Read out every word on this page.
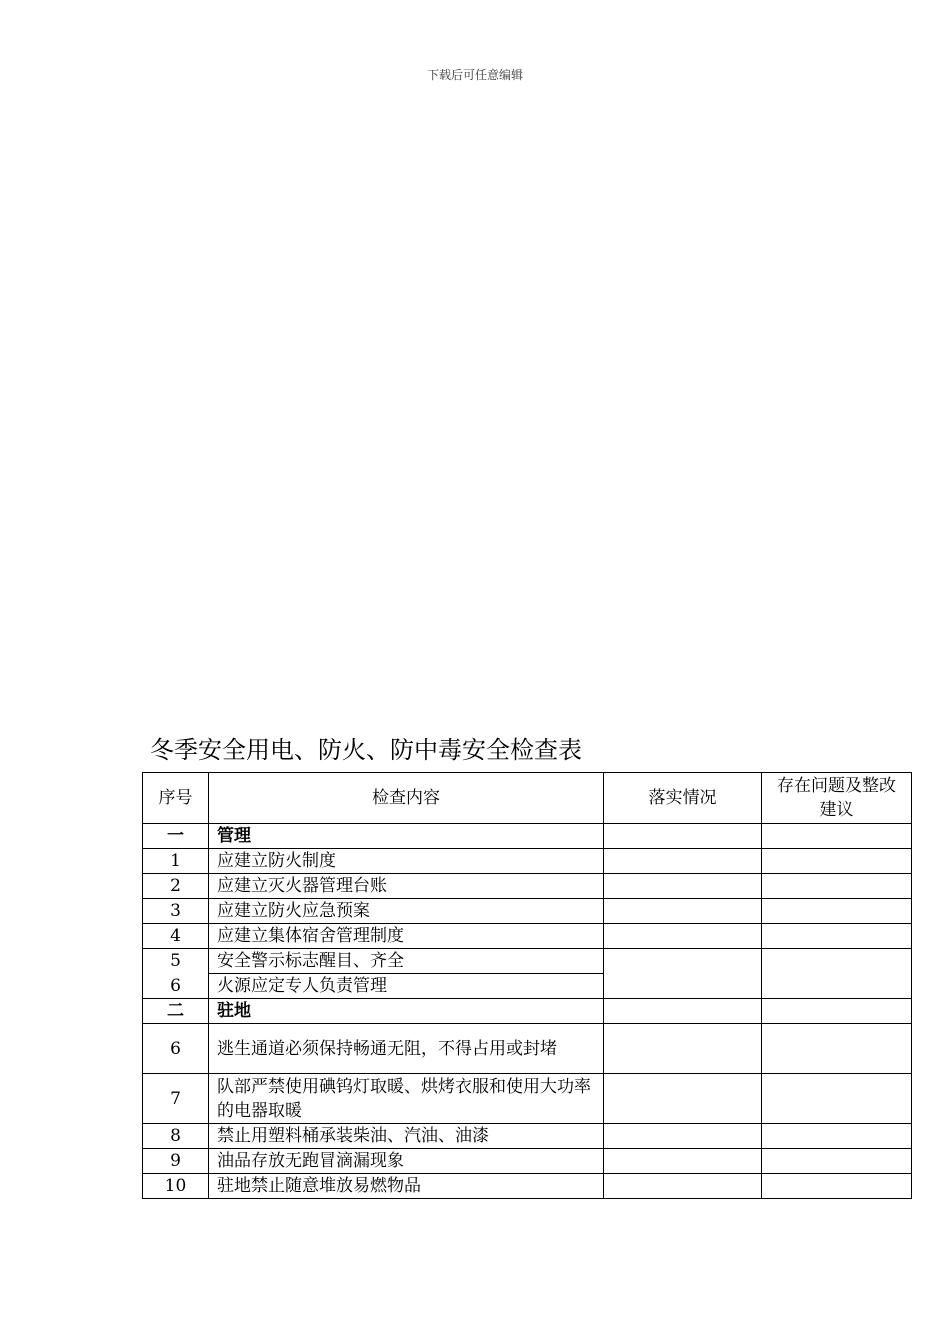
下载后可任意编辑
冬季安全用电、防火、防中毒安全检查表
序号	检查内容	落实情况	存在问题及整改建议
一	管理		
1	应建立防火制度		
2	应建立灭火器管理台账		
3	应建立防火应急预案		
4	应建立集体宿舍管理制度		
5	安全警示标志醒目、齐全		
6	火源应定专人负责管理		
二	驻地		
6	逃生通道必须保持畅通无阻，不得占用或封堵		
7	队部严禁使用碘钨灯取暖、烘烤衣服和使用大功率的电器取暖		
8	禁止用塑料桶承装柴油、汽油、油漆		
9	油品存放无跑冒滴漏现象		
10	驻地禁止随意堆放易燃物品		
